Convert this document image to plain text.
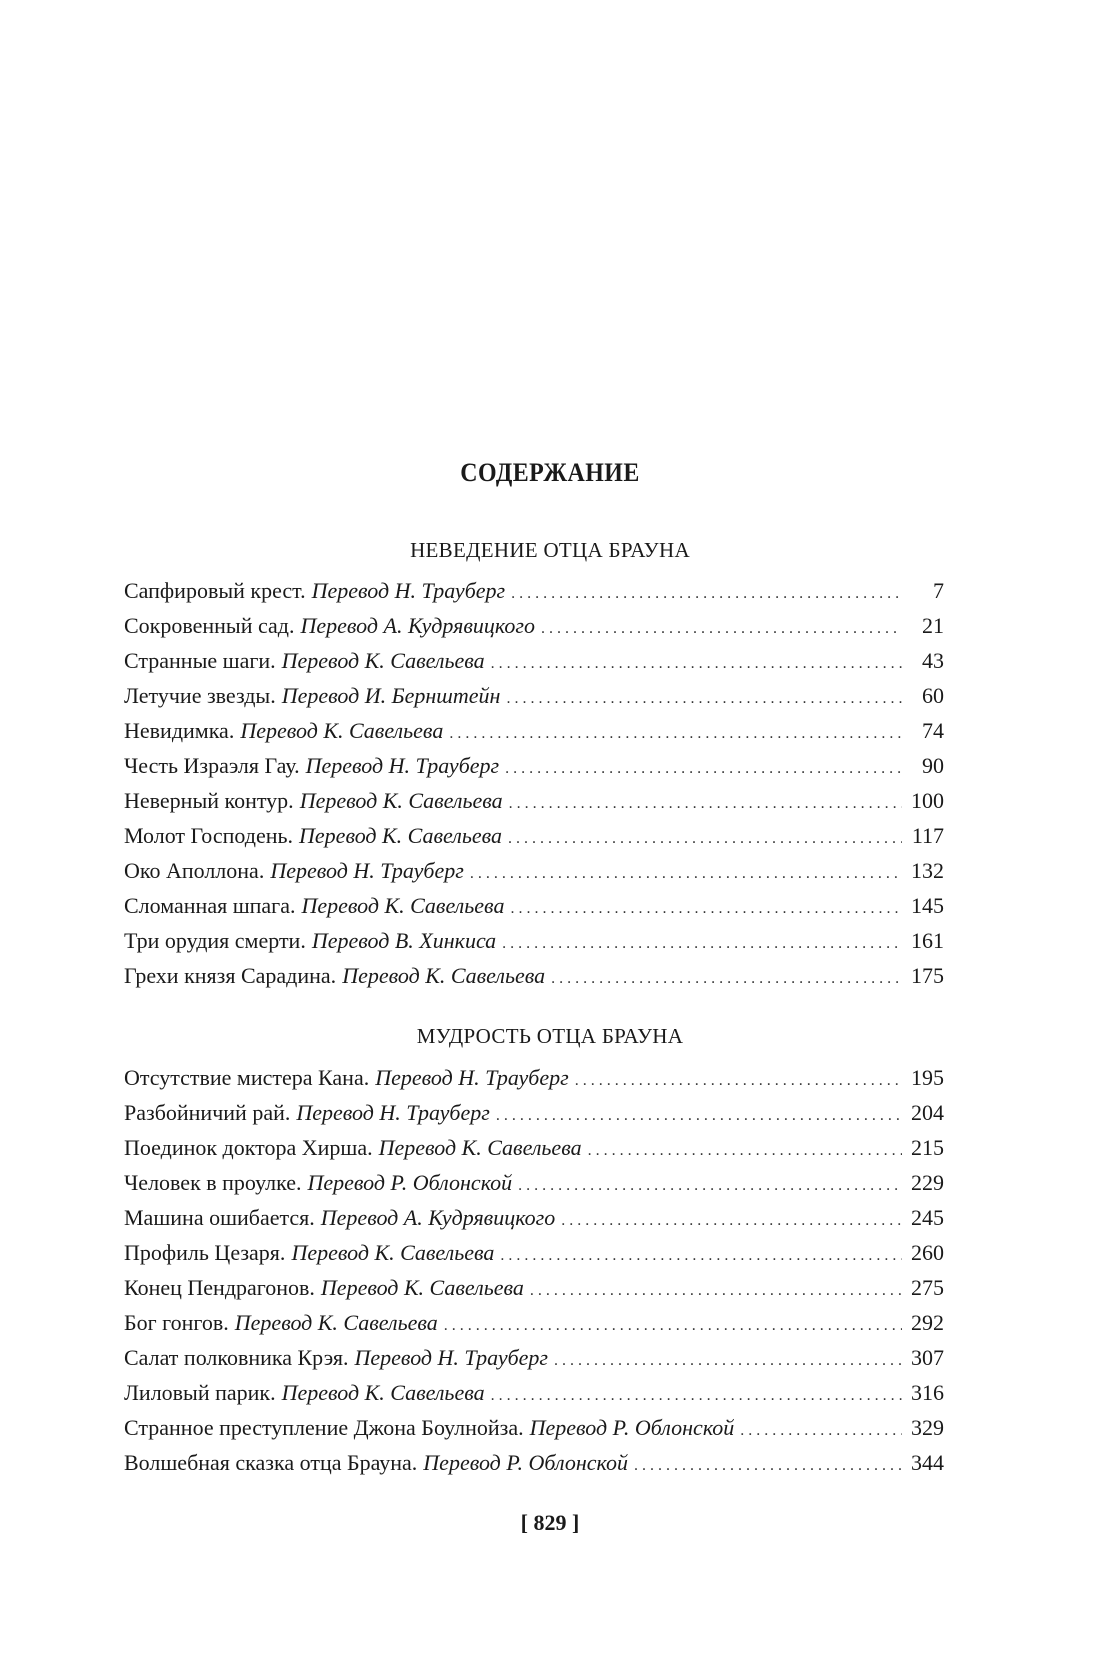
СОДЕРЖАНИЕ
НЕВЕДЕНИЕ ОТЦА БРАУНА
Сапфировый крест. Перевод Н. Трауберг . . .	7
Сокровенный сад. Перевод А. Кудрявицкого . . .	21
Странные шаги. Перевод К. Савельева . . .	43
Летучие звезды. Перевод И. Бернштейн . . .	60
Невидимка. Перевод К. Савельева . . .	74
Честь Израэля Гау. Перевод Н. Трауберг . . .	90
Неверный контур. Перевод К. Савельева . . .	100
Молот Господень. Перевод К. Савельева . . .	117
Око Аполлона. Перевод Н. Трауберг . . .	132
Сломанная шпага. Перевод К. Савельева . . .	145
Три орудия смерти. Перевод В. Хинкиса . . .	161
Грехи князя Сарадина. Перевод К. Савельева . . .	175
МУДРОСТЬ ОТЦА БРАУНА
Отсутствие мистера Кана. Перевод Н. Трауберг . . .	195
Разбойничий рай. Перевод Н. Трауберг . . .	204
Поединок доктора Хирша. Перевод К. Савельева . . .	215
Человек в проулке. Перевод Р. Облонской . . .	229
Машина ошибается. Перевод А. Кудрявицкого . . .	245
Профиль Цезаря. Перевод К. Савельева . . .	260
Конец Пендрагонов. Перевод К. Савельева . . .	275
Бог гонгов. Перевод К. Савельева . . .	292
Салат полковника Крэя. Перевод Н. Трауберг . . .	307
Лиловый парик. Перевод К. Савельева . . .	316
Странное преступление Джона Боулнойза. Перевод Р. Облонской . . .	329
Волшебная сказка отца Брауна. Перевод Р. Облонской . . .	344
[ 829 ]
